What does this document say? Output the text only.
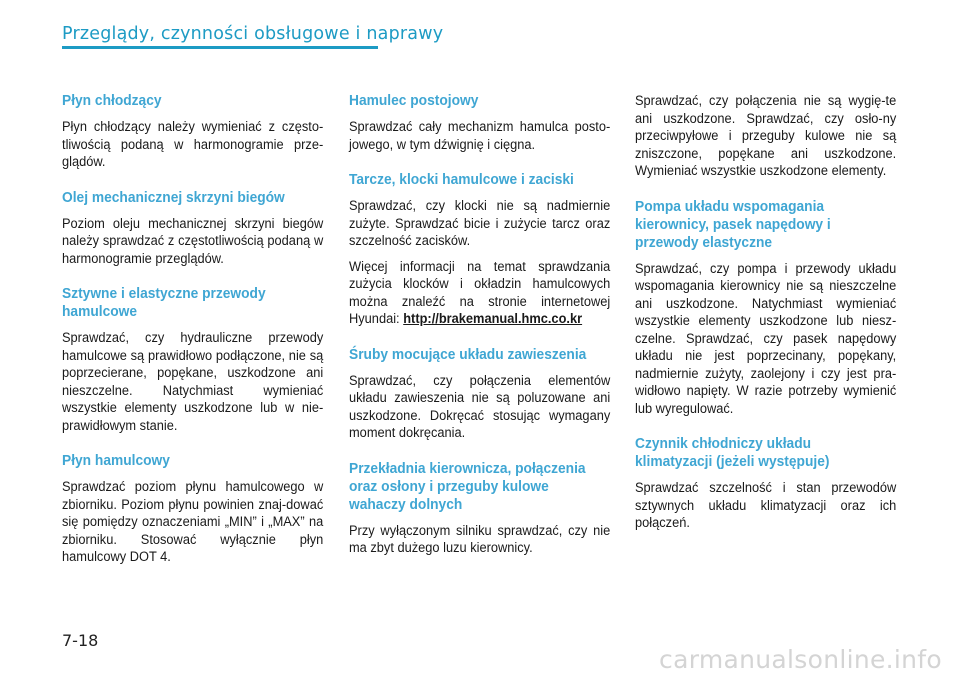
Przeglądy, czynności obsługowe i naprawy
Płyn chłodzący

Płyn chłodzący należy wymieniać z często-tliwością podaną w harmonogramie prze-glądów.

Olej mechanicznej skrzyni biegów

Poziom oleju mechanicznej skrzyni biegów należy sprawdzać z częstotliwością podaną w harmonogramie przeglądów.

Sztywne i elastyczne przewody hamulcowe

Sprawdzać, czy hydrauliczne przewody hamulcowe są prawidłowo podłączone, nie są poprzecierane, popękane, uszkodzone ani nieszczelne. Natychmiast wymieniać wszystkie elementy uszkodzone lub w nie-prawidłowym stanie.

Płyn hamulcowy

Sprawdzać poziom płynu hamulcowego w zbiorniku. Poziom płynu powinien znaj-dować się pomiędzy oznaczeniami „MIN” i „MAX” na zbiorniku. Stosować wyłącznie płyn hamulcowy DOT 4.

Hamulec postojowy

Sprawdzać cały mechanizm hamulca posto-jowego, w tym dźwignię i cięgna.

Tarcze, klocki hamulcowe i zaciski

Sprawdzać, czy klocki nie są nadmiernie zużyte. Sprawdzać bicie i zużycie tarcz oraz szczelność zacisków.

Więcej informacji na temat sprawdzania zużycia klocków i okładzin hamulcowych można znaleźć na stronie internetowej Hyundai: http://brakemanual.hmc.co.kr

Śruby mocujące układu zawieszenia

Sprawdzać, czy połączenia elementów układu zawieszenia nie są poluzowane ani uszkodzone. Dokręcać stosując wymagany moment dokręcania.

Przekładnia kierownicza, połączenia oraz osłony i przeguby kulowe wahaczy dolnych

Przy wyłączonym silniku sprawdzać, czy nie ma zbyt dużego luzu kierownicy.

Sprawdzać, czy połączenia nie są wygię-te ani uszkodzone. Sprawdzać, czy osło-ny przeciwpyłowe i przeguby kulowe nie są zniszczone, popękane ani uszkodzone. Wymieniać wszystkie uszkodzone elementy.

Pompa układu wspomagania kierownicy, pasek napędowy i przewody elastyczne

Sprawdzać, czy pompa i przewody układu wspomagania kierownicy nie są nieszczelne ani uszkodzone. Natychmiast wymieniać wszystkie elementy uszkodzone lub niesz-czelne. Sprawdzać, czy pasek napędowy układu nie jest poprzecinany, popękany, nadmiernie zużyty, zaolejony i czy jest pra-widłowo napięty. W razie potrzeby wymienić lub wyregulować.

Czynnik chłodniczy układu klimatyzacji (jeżeli występuje)

Sprawdzać szczelność i stan przewodów sztywnych układu klimatyzacji oraz ich połączeń.

7-18
carmanualsonline.info
